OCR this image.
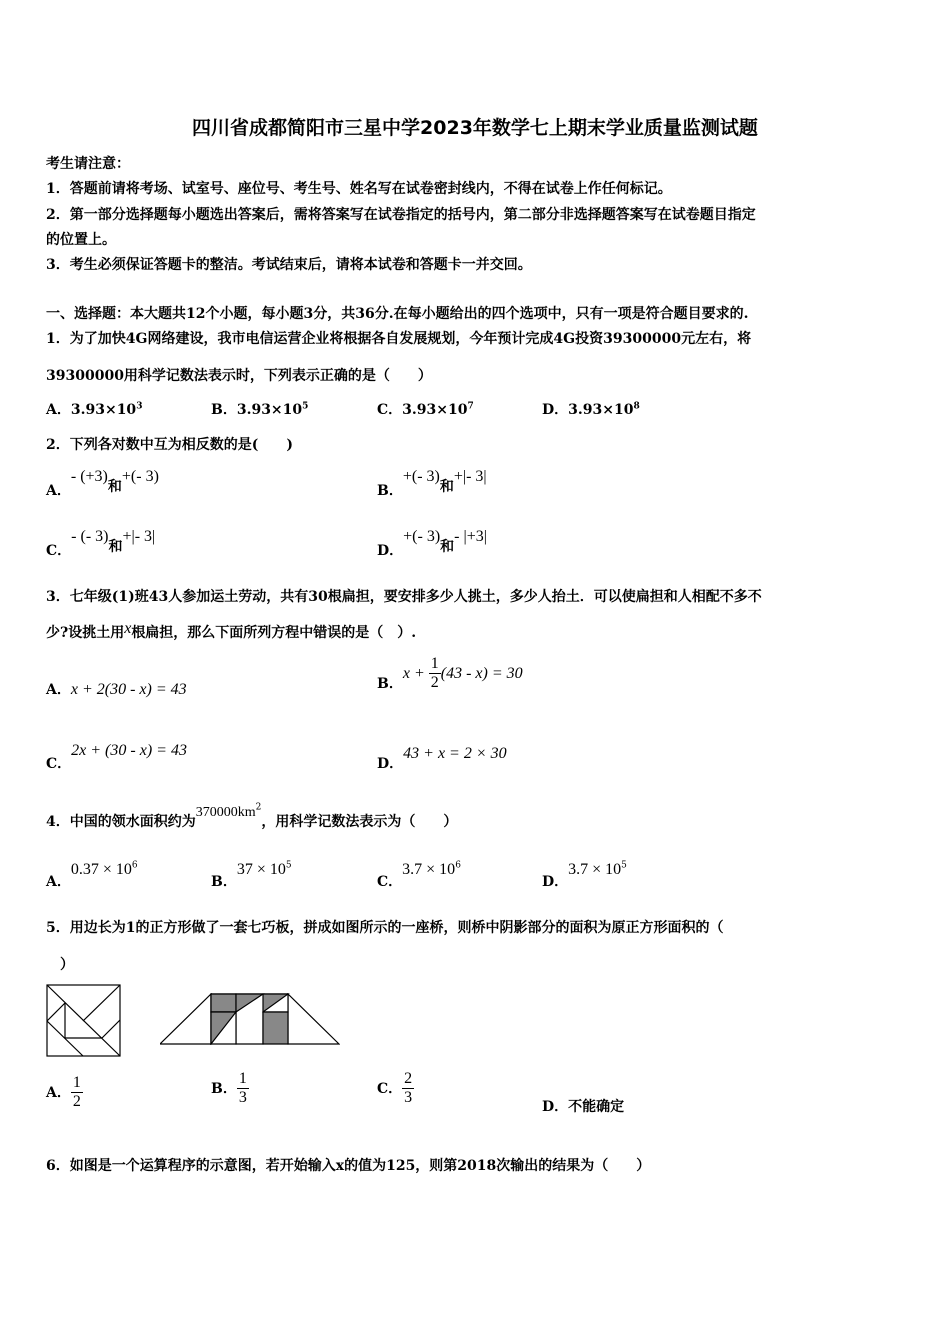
四川省成都简阳市三星中学2023年数学七上期末学业质量监测试题
考生请注意：
1．答题前请将考场、试室号、座位号、考生号、姓名写在试卷密封线内，不得在试卷上作任何标记。
2．第一部分选择题每小题选出答案后，需将答案写在试卷指定的括号内，第二部分非选择题答案写在试卷题目指定
的位置上。
3．考生必须保证答题卡的整洁。考试结束后，请将本试卷和答题卡一并交回。
一、选择题：本大题共12个小题，每小题3分，共36分.在每小题给出的四个选项中，只有一项是符合题目要求的.
1．为了加快4G网络建设，我市电信运营企业将根据各自发展规划，今年预计完成4G投资39300000元左右，将
39300000用科学记数法表示时，下列表示正确的是（　　）
A．$3.93\times 10^3$	B．$3.93\times 10^5$	C．$3.93\times 10^7$	D．$3.93\times 10^8$
2．下列各对数中互为相反数的是(　　)
A．- (+3)和+(- 3)
B．+(- 3)和+|- 3|
C．- (- 3)和+|- 3|
D．+(- 3)和- |+3|
3．七年级(1)班43人参加运土劳动，共有30根扁担，要安排多少人挑土，多少人抬土．可以使扁担和人相配不多不
少?设挑土用x根扁担，那么下面所列方程中错误的是（　）.
A．x + 2(30 - x) = 43	B．$x + \frac{1}{2} (43 - x) = 30$
C．2x + (30 - x) = 43
D．43 + x = 2 × 30
4．中国的领水面积约为$370000km^2$，用科学记数法表示为（　　）
A．$0.37 \times 10^6$
B．$37 \times 10^5$
C．$3.7 \times 10^6$
D．$3.7 \times 10^5$
5．用边长为1的正方形做了一套七巧板，拼成如图所示的一座桥，则桥中阴影部分的面积为原正方形面积的（
）
A． $\frac{1}{2}$	B． $\frac{1}{3}$	C． $\frac{2}{3}$	D．不能确定
6．如图是一个运算程序的示意图，若开始输入x的值为125，则第2018次输出的结果为（　　）
